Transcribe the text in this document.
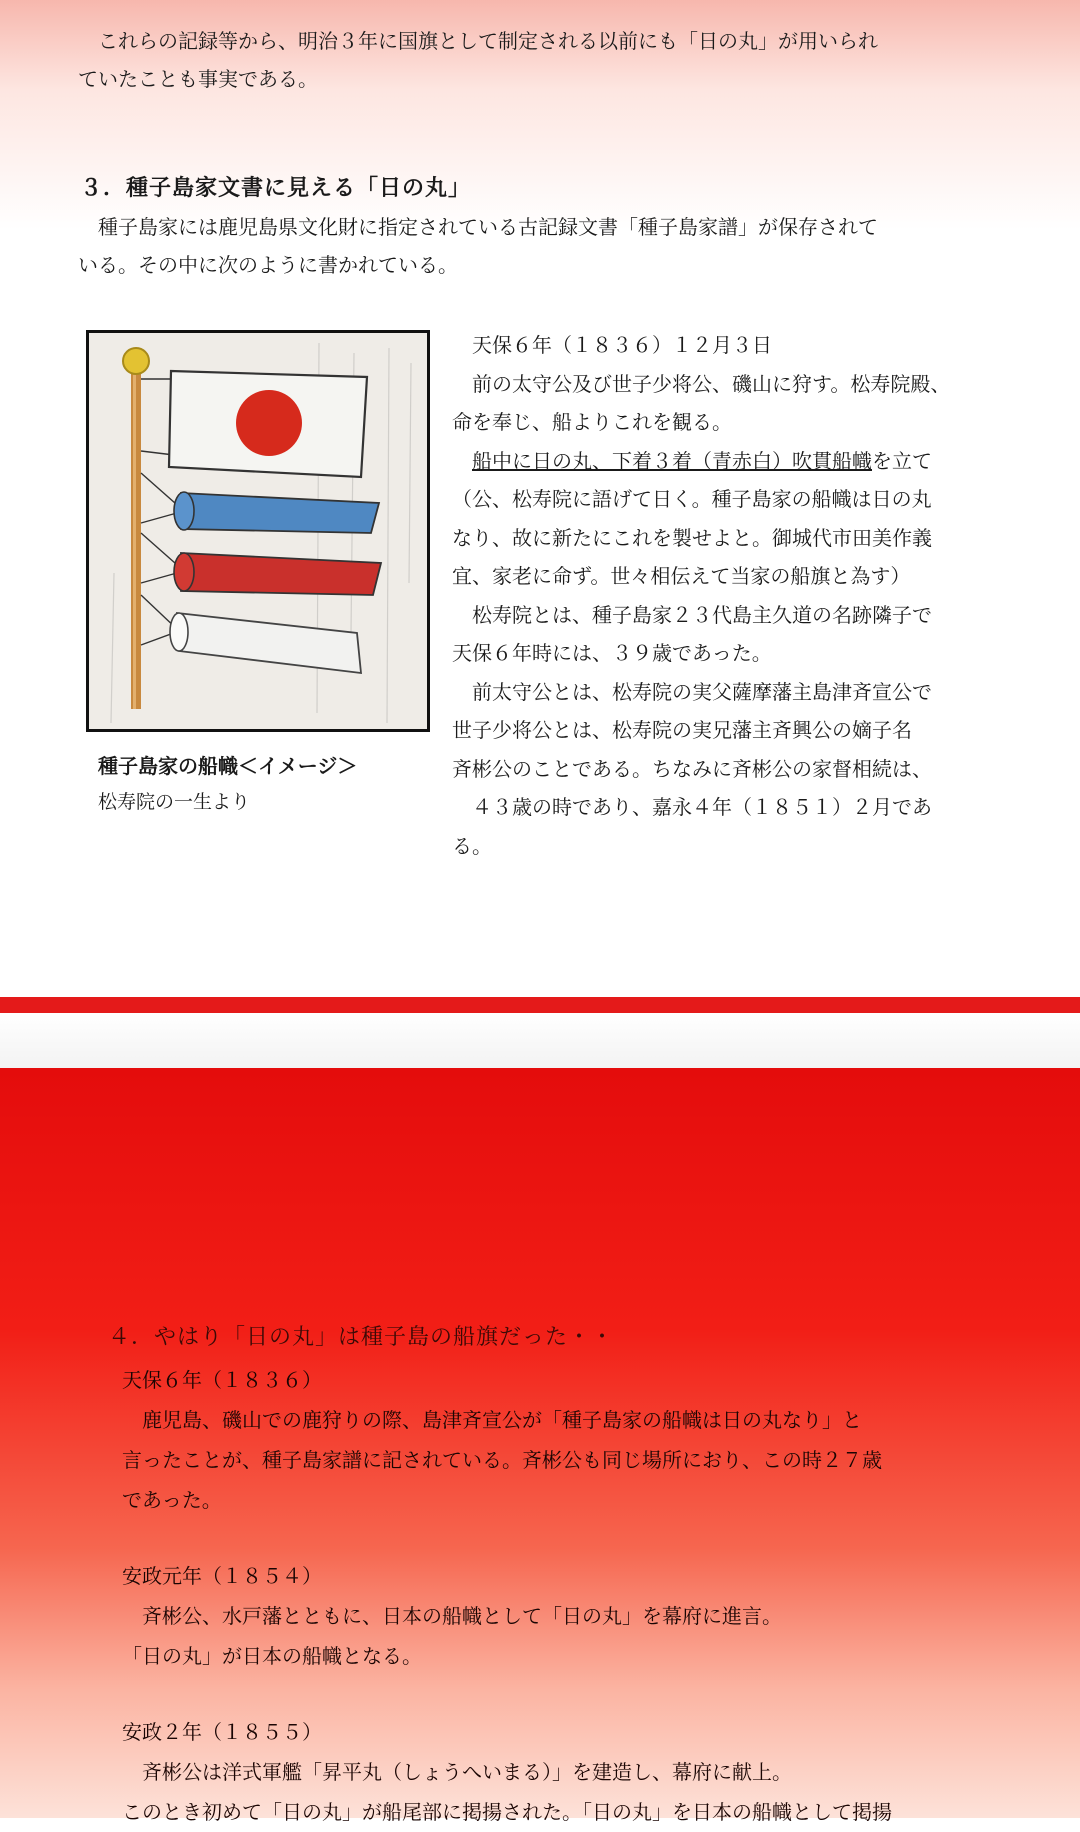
これらの記録等から、明治３年に国旗として制定される以前にも「日の丸」が用いられ

ていたことも事実である。

３．種子島家文書に見える「日の丸」

種子島家には鹿児島県文化財に指定されている古記録文書「種子島家譜」が保存されて

いる。その中に次のように書かれている。

種子島家の船幟＜イメージ＞
松寿院の一生より

天保６年（１８３６）１２月３日

前の太守公及び世子少将公、磯山に狩す。松寿院殿、

命を奉じ、船よりこれを観る。

船中に日の丸、下着３着（青赤白）吹貫船幟を立て

（公、松寿院に語げて日く。種子島家の船幟は日の丸

なり、故に新たにこれを製せよと。御城代市田美作義

宜、家老に命ず。世々相伝えて当家の船旗と為す）

松寿院とは、種子島家２３代島主久道の名跡隣子で

天保６年時には、３９歳であった。

前太守公とは、松寿院の実父薩摩藩主島津斉宣公で

世子少将公とは、松寿院の実兄藩主斉興公の嫡子名

斉彬公のことである。ちなみに斉彬公の家督相続は、

４３歳の時であり、嘉永４年（１８５１）２月であ

る。

４．やはり「日の丸」は種子島の船旗だった・・

天保６年（１８３６）

鹿児島、磯山での鹿狩りの際、島津斉宣公が「種子島家の船幟は日の丸なり」と

言ったことが、種子島家譜に記されている。斉彬公も同じ場所におり、この時２７歳

であった。

安政元年（１８５４）

斉彬公、水戸藩とともに、日本の船幟として「日の丸」を幕府に進言。

「日の丸」が日本の船幟となる。

安政２年（１８５５）

斉彬公は洋式軍艦「昇平丸（しょうへいまる）」を建造し、幕府に献上。

このとき初めて「日の丸」が船尾部に掲揚された。「日の丸」を日本の船幟として掲揚
